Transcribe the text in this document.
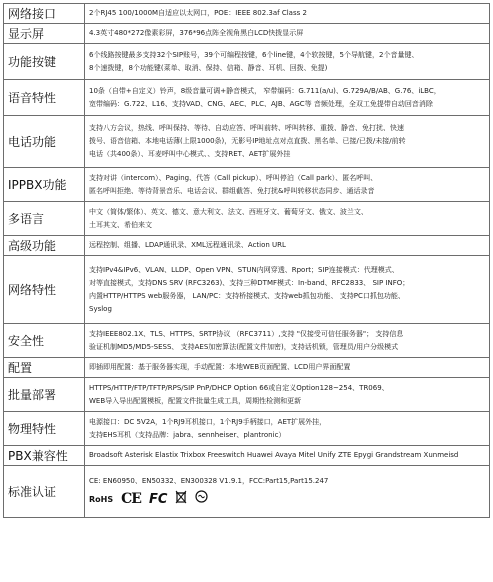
网络接口	2个RJ45 100/1000M自适应以太网口，POE：IEEE 802.3af Class 2

显示屏	4.3英寸480*272像素彩屏，376*96点阵全视角黑白LCD快拨显示屏

功能按键	6个线路按键最多支持32个SIP账号，39个可编程按键，6个line键，4个软按键，5个导航键，2个音量键、
8个速拨键，8个功能键(菜单、取消、保持、信箱、静音、耳机、回拨、免提)

语音特性	10条（自带+自定义）铃声，8级音量可调+静音模式， 窄带编码：G.711(a/u)、G.729A/B/AB、G.76、iLBC，
宽带编码：G.722、L16、支持VAD、CNG、AEC、PLC、AJB、AGC等 音频处理，全双工免提带自动回音消除

电话功能	支持八方会议，热线、呼叫保持、等待、自动应答、呼叫前转、呼叫转移、重拨、静音、免打扰、快速
拨号、语音信箱、本地电话薄(上限1000条)，无影号IP地址点对点直拨、黑名单、已接/已拨/未接/前转
电话（共400条）、耳麦呼叫中心模式、、支持RET、AET扩展外挂

IPPBX功能	支持对讲（intercom）、Paging、代答（Call pickup）、呼叫停泊（Call park）、匿名呼叫、
匿名呼叫拒绝、等待背景音乐、电话会议、群组截答、免打扰&呼叫转移状态同步、通话录音

多语言	中文（简体/繁体）、英文、德文、意大利文、法文、西班牙文、葡萄牙文、俄文、波兰文、
土耳其文、希伯来文

高级功能	远程控制、组播、LDAP通讯录、XML远程通讯录、Action URL

网络特性	支持IPv4&IPv6、VLAN、LLDP、Open VPN、STUN内网穿透、Rport；SIP连接模式：代理模式、
对等直接模式，支持DNS SRV (RFC3263)、支持三种DTMF模式：In-band、RFC2833、 SIP INFO；
内置HTTP/HTTPS web服务器， LAN/PC：支持桥接模式、支持web抓包功能、 支持PC口抓包功能、
Syslog

安全性	支持IEEE802.1X、TLS、HTTPS、SRTP协议 （RFC3711）,支持 "仅接受可信任服务器"； 支持信息
验证机制MD5/MD5-SESS、 支持AES加密算法(配置文件加密)，支持话机锁，管理员/用户分级模式

配置	即插即用配置：基于服务器实现，手动配置：本地WEB页面配置、LCD用户界面配置

批量部署	HTTPS/HTTP/FTP/TFTP/RPS/SIP PnP/DHCP Option 66或自定义Option128~254、TR069、
WEB导入导出配置模板，配置文件批量生成工具，周期性检测和更新

物理特性	电源接口：DC 5V2A，1个RJ9耳机接口，1个RJ9手柄接口，AET扩展外挂，
支持EHS耳机（支持品牌：jabra、sennheiser、plantronic）

PBX兼容性	Broadsoft Asterisk Elastix Trixbox Freeswitch Huawei Avaya Mitel Unify ZTE Epygi Grandstream Xunmeisd

标准认证	CE: EN60950、EN50332、EN300328 V1.9.1，FCC:Part15,Part15.247
RoHS CE FC
